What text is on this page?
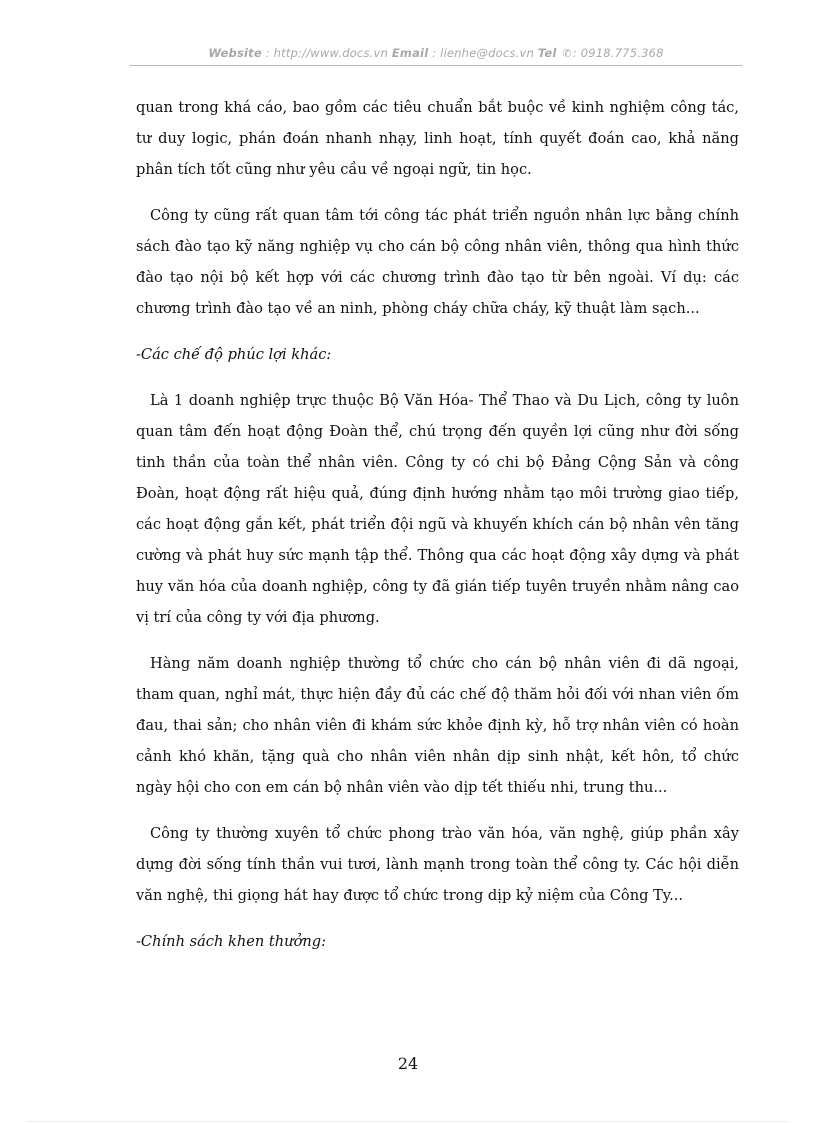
Website : http://www.docs.vn Email : lienhe@docs.vn Tel ✆: 0918.775.368

quan trong khá cáo, bao gồm các tiêu chuẩn bắt buộc về kinh nghiệm công tác, tư duy logic, phán đoán nhanh nhạy, linh hoạt, tính quyết đoán cao, khả năng phân tích tốt cũng như yêu cầu về ngoại ngữ, tin học.

Công ty cũng rất quan tâm tới công tác phát triển nguồn nhân lực bằng chính sách đào tạo kỹ năng nghiệp vụ cho cán bộ công nhân viên, thông qua hình thức đào tạo nội bộ kết hợp với các chương trình đào tạo từ bên ngoài. Ví dụ: các chương trình đào tạo về an ninh, phòng cháy chữa cháy, kỹ thuật làm sạch...

-Các chế độ phúc lợi khác:

Là 1 doanh nghiệp trực thuộc Bộ Văn Hóa- Thể Thao và Du Lịch, công ty luôn quan tâm đến hoạt động Đoàn thể, chú trọng đến quyền lợi cũng như đời sống tinh thần của toàn thể nhân viên. Công ty có chi bộ Đảng Cộng Sản và công Đoàn, hoạt động rất hiệu quả, đúng định hướng nhằm tạo môi trường giao tiếp, các hoạt động gắn kết, phát triển đội ngũ và khuyến khích cán bộ nhân vên tăng cường và phát huy sức mạnh tập thể. Thông qua các hoạt động xây dựng và phát huy văn hóa của doanh nghiệp, công ty đã gián tiếp tuyên truyền nhằm nâng cao vị trí của công ty với địa phương.

Hàng năm doanh nghiệp thường tổ chức cho cán bộ nhân viên đi dã ngoại, tham quan, nghỉ mát, thực hiện đầy đủ các chế độ thăm hỏi đối với nhan viên ốm đau, thai sản; cho nhân viên đi khám sức khỏe định kỳ, hỗ trợ nhân viên có hoàn cảnh khó khăn, tặng quà cho nhân viên nhân dịp sinh nhật, kết hôn, tổ chức ngày hội cho con em cán bộ nhân viên vào dịp tết thiếu nhi, trung thu...

Công ty thường xuyên tổ chức phong trào văn hóa, văn nghệ, giúp phần xây dựng đời sống tính thần vui tươi, lành mạnh trong toàn thể công ty. Các hội diễn văn nghệ, thi giọng hát hay được tổ chức trong dịp kỷ niệm của Công Ty...

-Chính sách khen thưởng:

24
